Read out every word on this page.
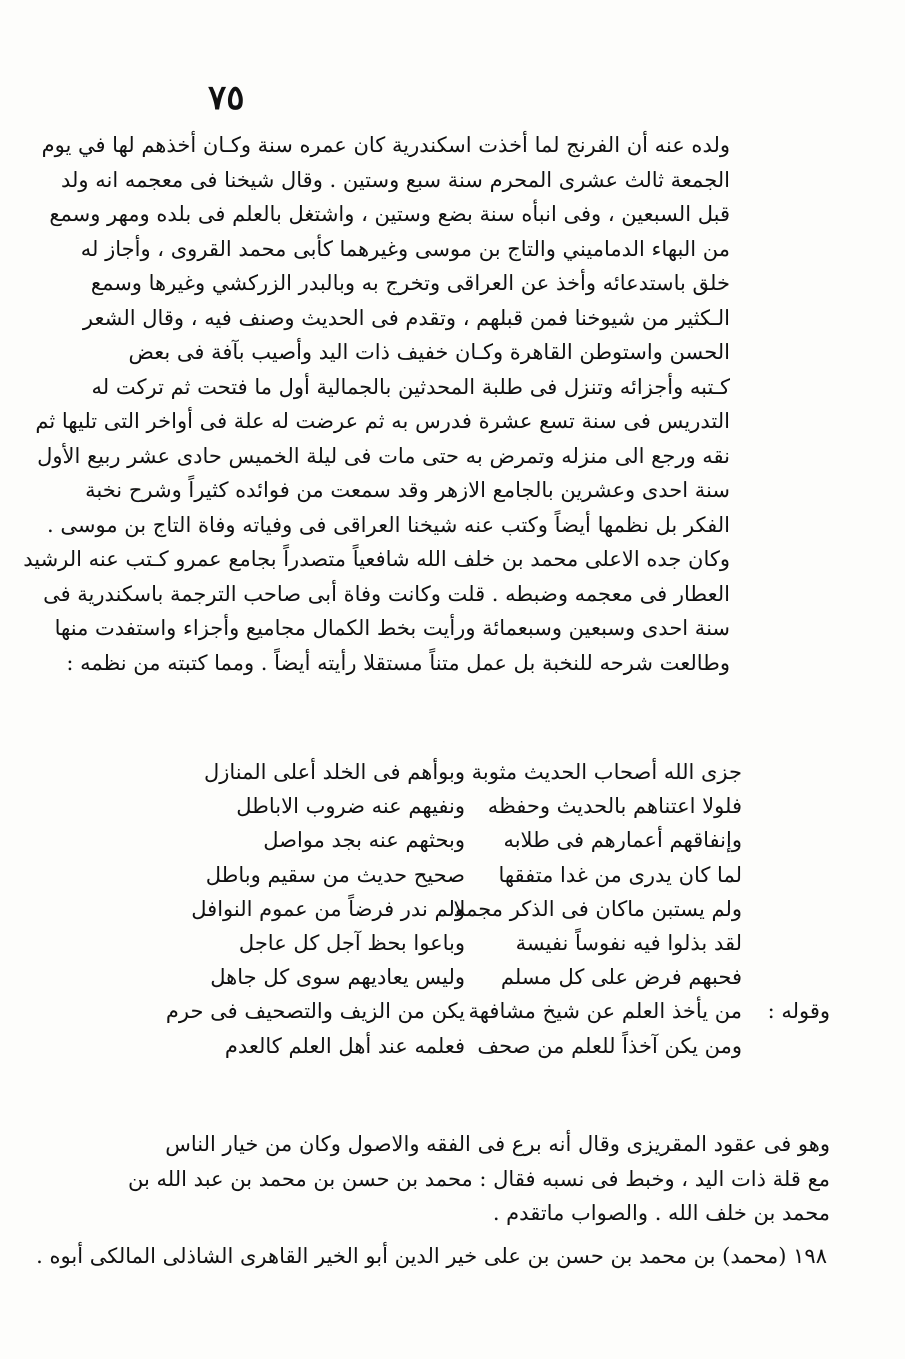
٧٥
ولده عنه أن الفرنج لما أخذت اسكندرية كان عمره سنة وكـان أخذهم لها في يوم
الجمعة ثالث عشرى المحرم سنة سبع وستين . وقال شيخنا فى معجمه انه ولد
قبل السبعين ، وفى انبأه سنة بضع وستين ، واشتغل بالعلم فى بلده ومهر وسمع
من البهاء الدماميني والتاج بن موسى وغيرهما كأبى محمد القروى ، وأجاز له
خلق باستدعائه وأخذ عن العراقى وتخرج به وبالبدر الزركشي وغيرها وسمع
الـكثير من شيوخنا فمن قبلهم ، وتقدم فى الحديث وصنف فيه ، وقال الشعر
الحسن واستوطن القاهرة وكـان خفيف ذات اليد وأصيب بآفة فى بعض
كـتبه وأجزائه وتنزل فى طلبة المحدثين بالجمالية أول ما فتحت ثم تركت له
التدريس فى سنة تسع عشرة فدرس به ثم عرضت له علة فى أواخر التى تليها ثم
نقه ورجع الى منزله وتمرض به حتى مات فى ليلة الخميس حادى عشر ربيع الأول
سنة احدى وعشرين بالجامع الازهر وقد سمعت من فوائده كثيراً وشرح نخبة
الفكر بل نظمها أيضاً وكتب عنه شيخنا العراقى فى وفياته وفاة التاج بن موسى .
وكان جده الاعلى محمد بن خلف الله شافعياً متصدراً بجامع عمرو كـتب عنه الرشيد
العطار فى معجمه وضبطه . قلت وكانت وفاة أبى صاحب الترجمة باسكندرية فى
سنة احدى وسبعين وسبعمائة ورأيت بخط الكمال مجاميع وأجزاء واستفدت منها
وطالعت شرحه للنخبة بل عمل متناً مستقلا رأيته أيضاً . ومما كتبته من نظمه :
جزى الله أصحاب الحديث مثوبة
وبوأهم فى الخلد أعلى المنازل
فلولا اعتناهم بالحديث وحفظه
ونفيهم عنه ضروب الاباطل
وإنفاقهم أعمارهم فى طلابه
وبحثهم عنه بجد مواصل
لما كان يدرى من غدا متفقها
صحيح حديث من سقيم وباطل
ولم يستبن ماكان فى الذكر مجملا
ولم ندر فرضاً من عموم النوافل
لقد بذلوا فيه نفوساً نفيسة
وباعوا بحظ آجل كل عاجل
فحبهم فرض على كل مسلم
وليس يعاديهم سوى كل جاهل
وقوله :
من يأخذ العلم عن شيخ مشافهة
يكن من الزيف والتصحيف فى حرم
ومن يكن آخذاً للعلم من صحف
فعلمه عند أهل العلم كالعدم
وهو فى عقود المقريزى وقال أنه برع فى الفقه والاصول وكان من خيار الناس
مع قلة ذات اليد ، وخبط فى نسبه فقال : محمد بن حسن بن محمد بن عبد الله بن
محمد بن خلف الله . والصواب ماتقدم .
١٩٨ (محمد) بن محمد بن حسن بن على خير الدين أبو الخير القاهرى الشاذلى المالكى أبوه .
